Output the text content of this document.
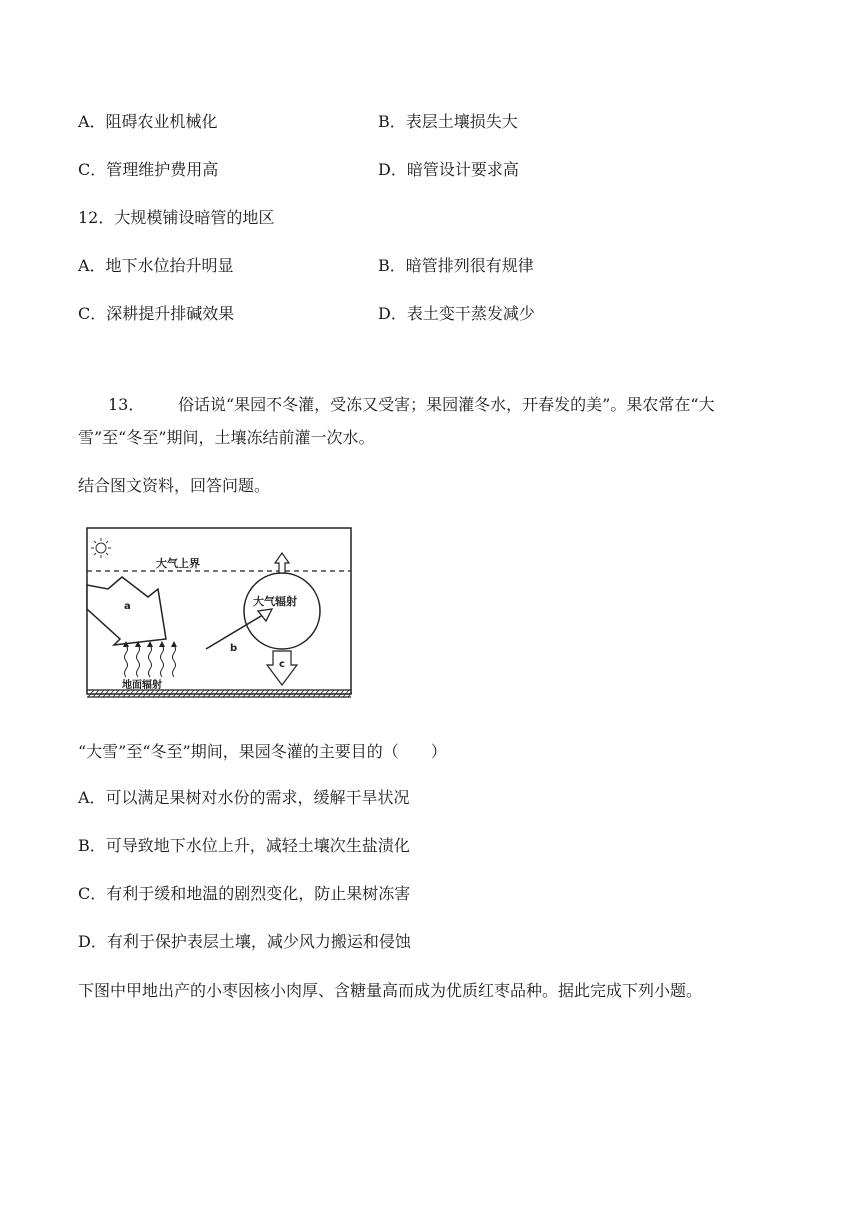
A．阻碍农业机械化	B．表层土壤损失大
C．管理维护费用高	D．暗管设计要求高
12．大规模铺设暗管的地区
A．地下水位抬升明显	B．暗管排列很有规律
C．深耕提升排碱效果	D．表土变干蒸发减少
13． 俗话说“果园不冬灌，受冻又受害；果园灌冬水，开春发的美”。果农常在“大
雪”至“冬至”期间，土壤冻结前灌一次水。
结合图文资料，回答问题。
大气上界
a
地面辐射
大气辐射
c
b
“大雪”至“冬至”期间，果园冬灌的主要目的（　　）
A．可以满足果树对水份的需求，缓解干旱状况
B．可导致地下水位上升，减轻土壤次生盐渍化
C．有利于缓和地温的剧烈变化，防止果树冻害
D．有利于保护表层土壤，减少风力搬运和侵蚀
下图中甲地出产的小枣因核小肉厚、含糖量高而成为优质红枣品种。据此完成下列小题。
